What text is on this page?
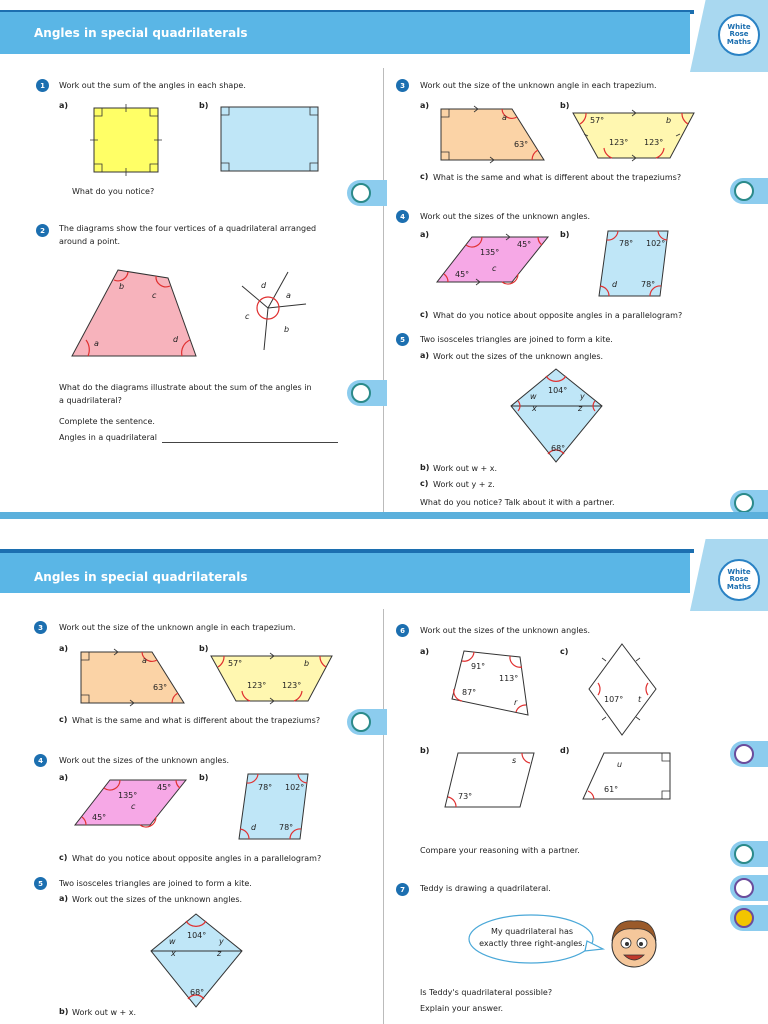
Angles in special quadrilaterals	White
Rose
Maths
1	Work out the sum of the angles in each shape.
a)	b)
What do you notice?
2	The diagrams show the four vertices of a quadrilateral arranged
around a point.
a
b
c
d
d
a
b
c
What do the diagrams illustrate about the sum of the angles in
a quadrilateral?
Complete the sentence.
Angles in a quadrilateral
3	Work out the size of the unknown angle in each trapezium.
a)	b)
a
63°
57°	b
123° 123°
c) What is the same and what is different about the trapeziums?
4	Work out the sizes of the unknown angles.
a)	b)
45°
135°
c
45°
78° 102°
d	78°
c) What do you notice about opposite angles in a parallelogram?
5	Two isosceles triangles are joined to form a kite.
a) Work out the sizes of the unknown angles.
104°
w	y
x	z
68°
b) Work out w + x.
c) Work out y + z.
What do you notice? Talk about it with a partner.
Angles in special quadrilaterals	White
Rose
Maths
3	Work out the size of the unknown angle in each trapezium.
a)	b)
a
63°
57°	b
123° 123°
c) What is the same and what is different about the trapeziums?
4	Work out the sizes of the unknown angles.
a)	b)
45°
135°
c
45°
78° 102°
d	78°
c) What do you notice about opposite angles in a parallelogram?
5	Two isosceles triangles are joined to form a kite.
a) Work out the sizes of the unknown angles.
104°
w	y
x	z
68°
b) Work out w + x.
6	Work out the sizes of the unknown angles.
a)	c)
91°
113°
87°
r	107° t
b)	d)
s
73°
u
61°
Compare your reasoning with a partner.
7	Teddy is drawing a quadrilateral.
My quadrilateral has
exactly three right-angles.
Is Teddy's quadrilateral possible?
Explain your answer.
© White Rose Maths 2020
